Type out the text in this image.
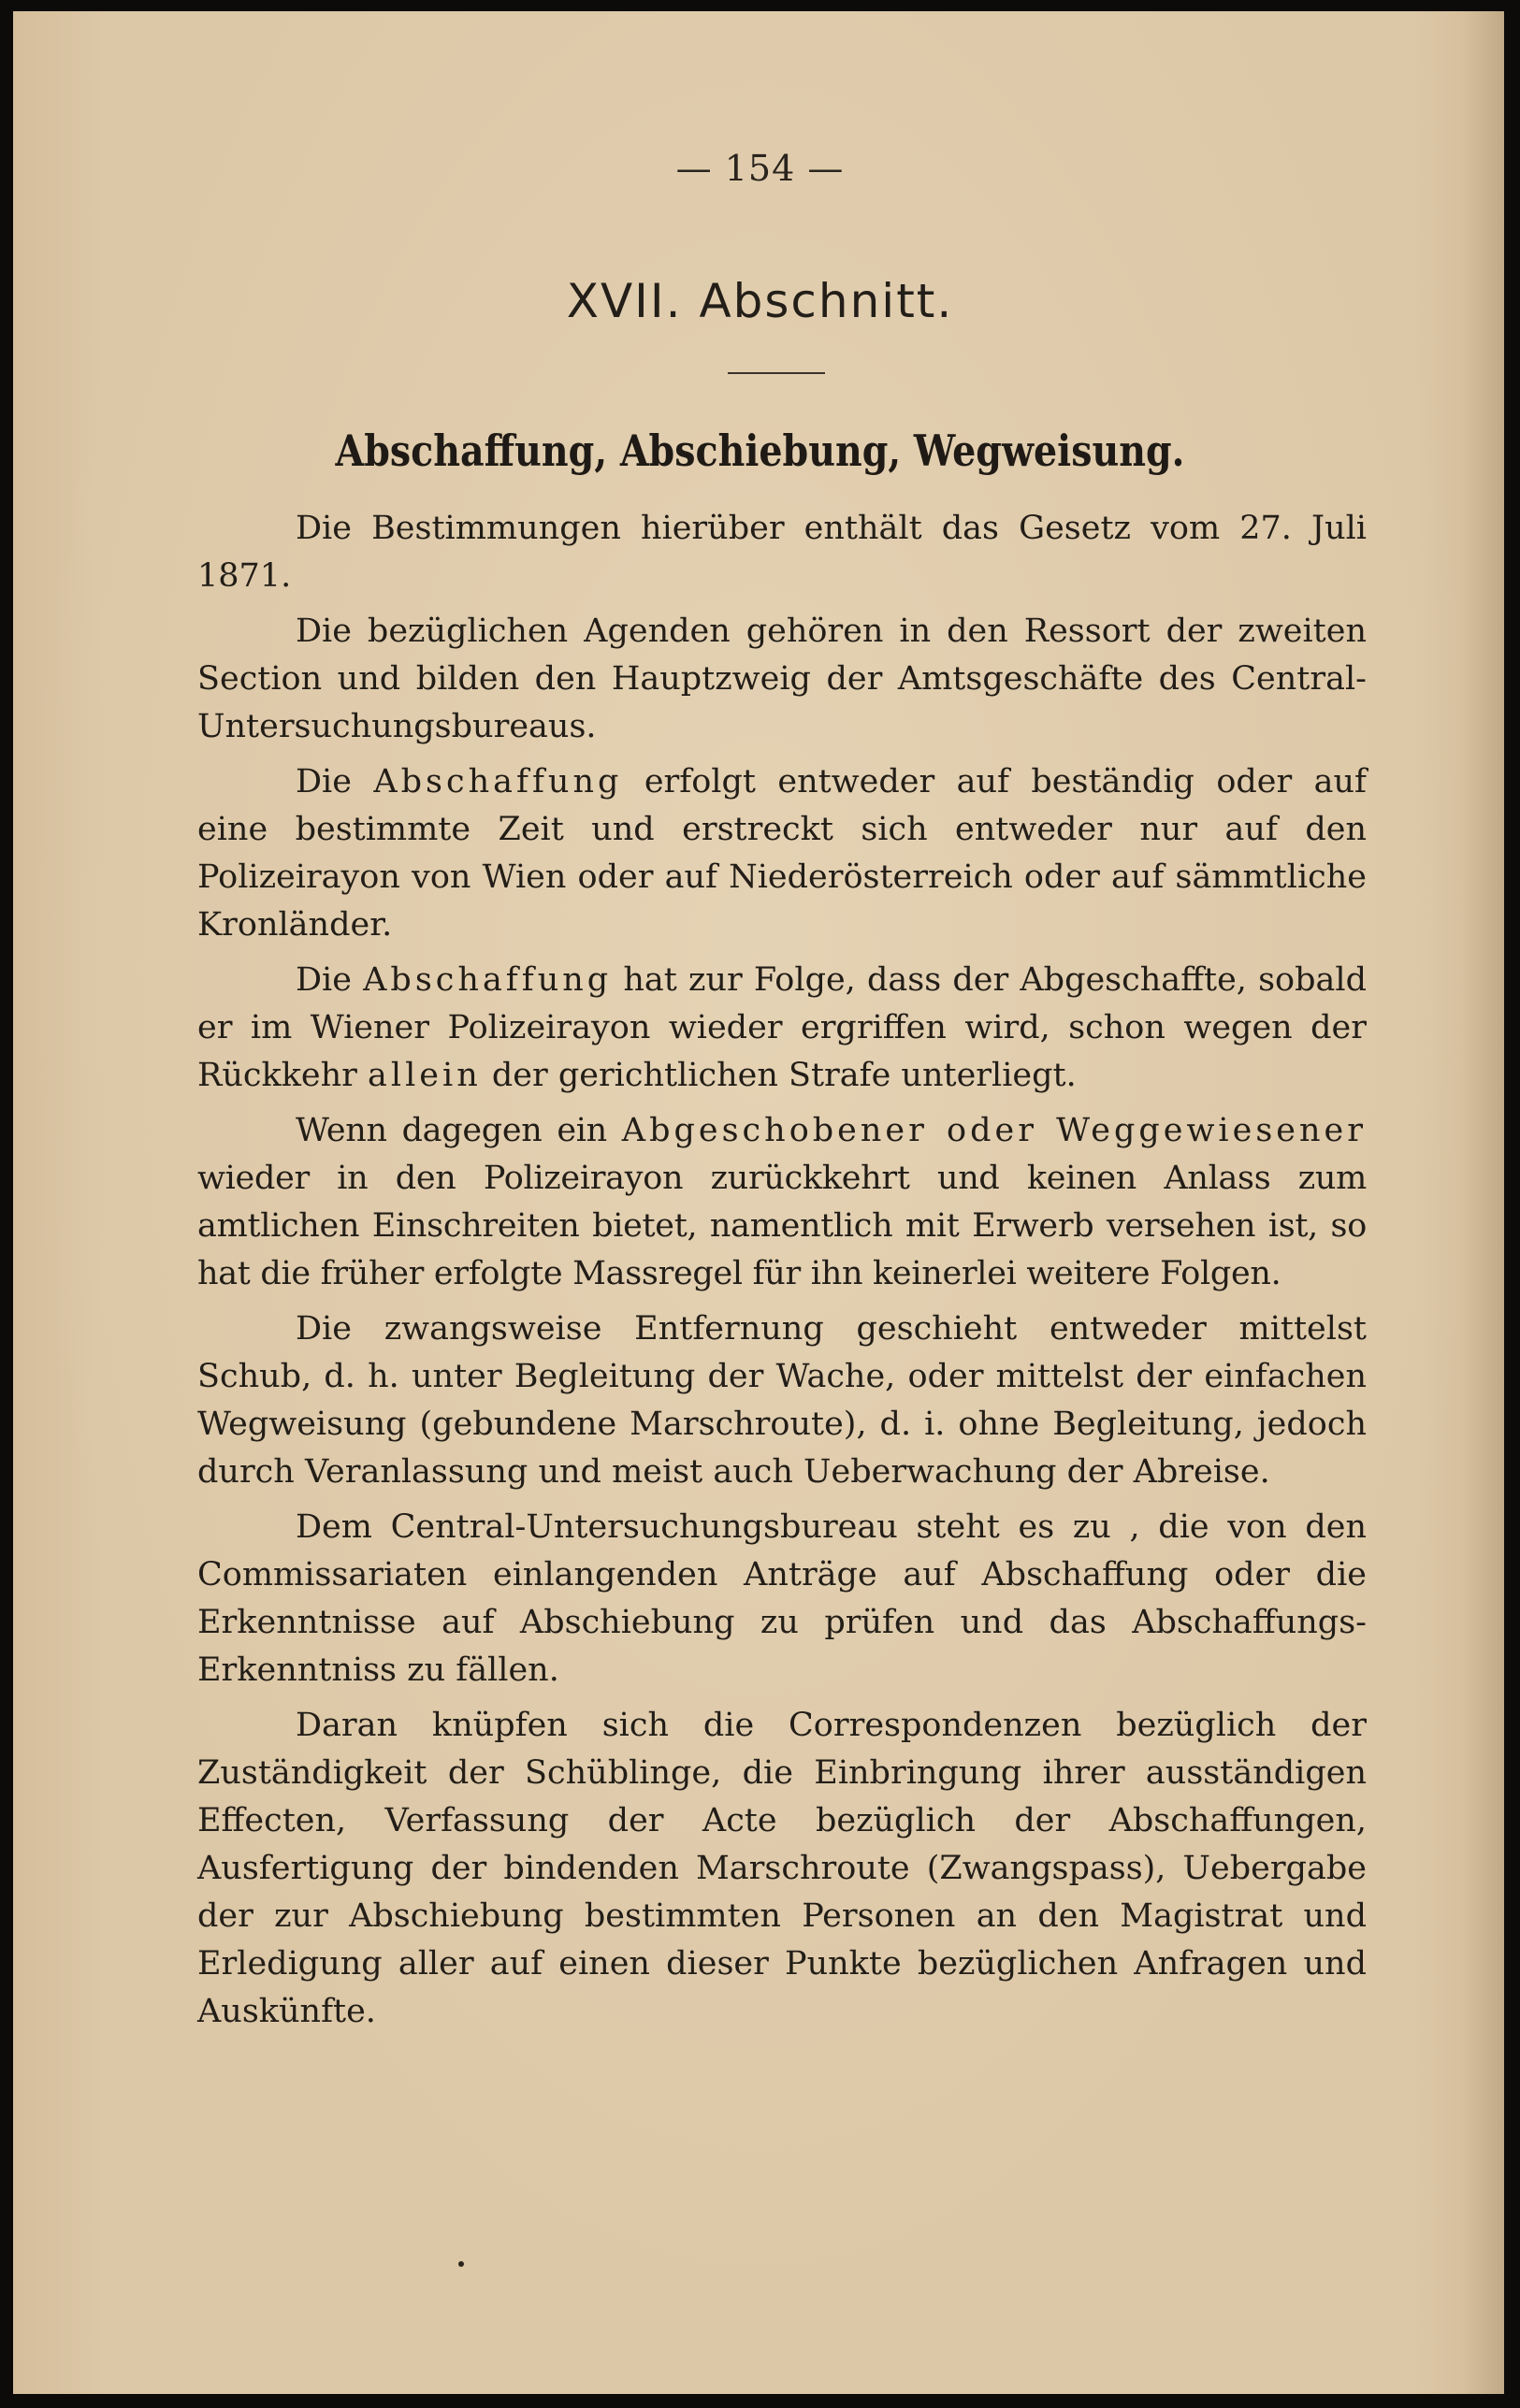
— 154 —
XVII. Abschnitt.
Abschaffung, Abschiebung, Wegweisung.

Die Bestimmungen hierüber enthält das Gesetz vom 27. Juli 1871.

Die bezüglichen Agenden gehören in den Ressort der zweiten Section und bilden den Hauptzweig der Amtsgeschäfte des Central-Untersuchungsbureaus.

Die Abschaffung erfolgt entweder auf beständig oder auf eine bestimmte Zeit und erstreckt sich entweder nur auf den Polizeirayon von Wien oder auf Niederösterreich oder auf sämmtliche Kronländer.

Die Abschaffung hat zur Folge, dass der Abgeschaffte, sobald er im Wiener Polizeirayon wieder ergriffen wird, schon wegen der Rückkehr allein der gerichtlichen Strafe unterliegt.

Wenn dagegen ein Abgeschobener oder Weggewiesener wieder in den Polizeirayon zurückkehrt und keinen Anlass zum amtlichen Einschreiten bietet, namentlich mit Erwerb versehen ist, so hat die früher erfolgte Massregel für ihn keinerlei weitere Folgen.

Die zwangsweise Entfernung geschieht entweder mittelst Schub, d. h. unter Begleitung der Wache, oder mittelst der einfachen Wegweisung (gebundene Marschroute), d. i. ohne Begleitung, jedoch durch Veranlassung und meist auch Ueberwachung der Abreise.

Dem Central-Untersuchungsbureau steht es zu , die von den Commissariaten einlangenden Anträge auf Abschaffung oder die Erkenntnisse auf Abschiebung zu prüfen und das Abschaffungs-Erkenntniss zu fällen.

Daran knüpfen sich die Correspondenzen bezüglich der Zuständigkeit der Schüblinge, die Einbringung ihrer ausständigen Effecten, Verfassung der Acte bezüglich der Abschaffungen, Ausfertigung der bindenden Marschroute (Zwangspass), Uebergabe der zur Abschiebung bestimmten Personen an den Magistrat und Erledigung aller auf einen dieser Punkte bezüglichen Anfragen und Auskünfte.
